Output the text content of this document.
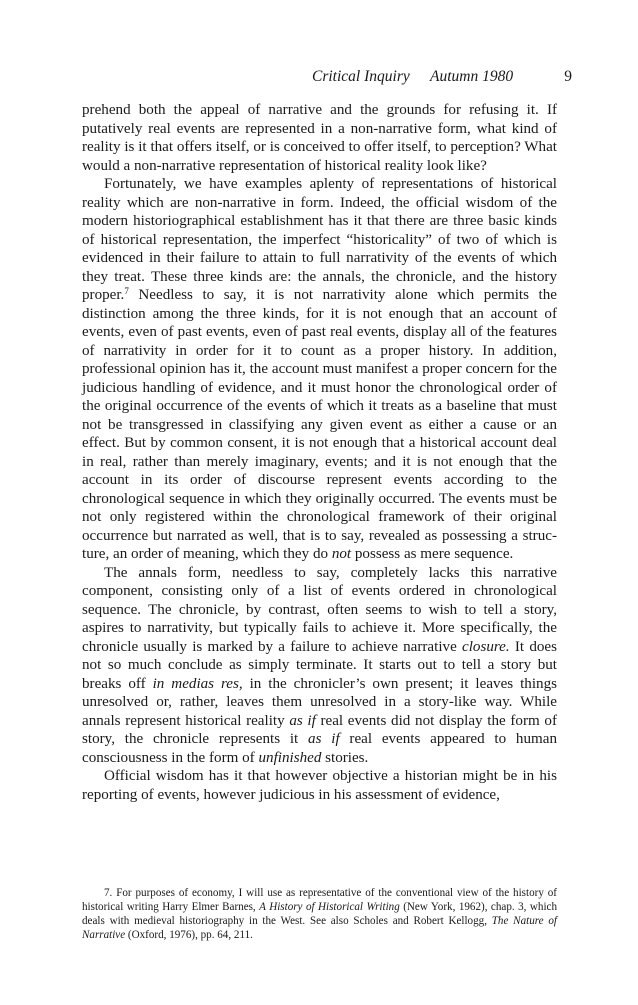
Critical Inquiry Autumn 1980	9

prehend both the appeal of narrative and the grounds for refusing it. If putatively real events are represented in a non-narrative form, what kind of reality is it that offers itself, or is conceived to offer itself, to perception? What would a non-narrative representation of historical reality look like?

Fortunately, we have examples aplenty of representations of historical reality which are non-narrative in form. Indeed, the official wisdom of the modern historiographical establishment has it that there are three basic kinds of historical representation, the imperfect “historicality” of two of which is evidenced in their failure to attain to full narrativity of the events of which they treat. These three kinds are: the annals, the chronicle, and the history proper.$^7$ Needless to say, it is not narrativity alone which permits the distinction among the three kinds, for it is not enough that an account of events, even of past events, even of past real events, display all of the features of narrativity in order for it to count as a proper history. In addition, professional opinion has it, the account must manifest a proper concern for the judicious handling of evidence, and it must honor the chronological order of the original occurrence of the events of which it treats as a baseline that must not be transgressed in classifying any given event as either a cause or an effect. But by common consent, it is not enough that a historical account deal in real, rather than merely imaginary, events; and it is not enough that the account in its order of discourse represent events according to the chronological sequence in which they originally occurred. The events must be not only registered within the chronological framework of their original occurrence but narrated as well, that is to say, revealed as possessing a structure, an order of meaning, which they do not possess as mere sequence.

The annals form, needless to say, completely lacks this narrative component, consisting only of a list of events ordered in chronological sequence. The chronicle, by contrast, often seems to wish to tell a story, aspires to narrativity, but typically fails to achieve it. More specifically, the chronicle usually is marked by a failure to achieve narrative closure. It does not so much conclude as simply terminate. It starts out to tell a story but breaks off in medias res, in the chronicler’s own present; it leaves things unresolved or, rather, leaves them unresolved in a story-like way. While annals represent historical reality as if real events did not display the form of story, the chronicle represents it as if real events appeared to human consciousness in the form of unfinished stories.

Official wisdom has it that however objective a historian might be in his reporting of events, however judicious in his assessment of evidence,

7. For purposes of economy, I will use as representative of the conventional view of the history of historical writing Harry Elmer Barnes, A History of Historical Writing (New York, 1962), chap. 3, which deals with medieval historiography in the West. See also Scholes and Robert Kellogg, The Nature of Narrative (Oxford, 1976), pp. 64, 211.
